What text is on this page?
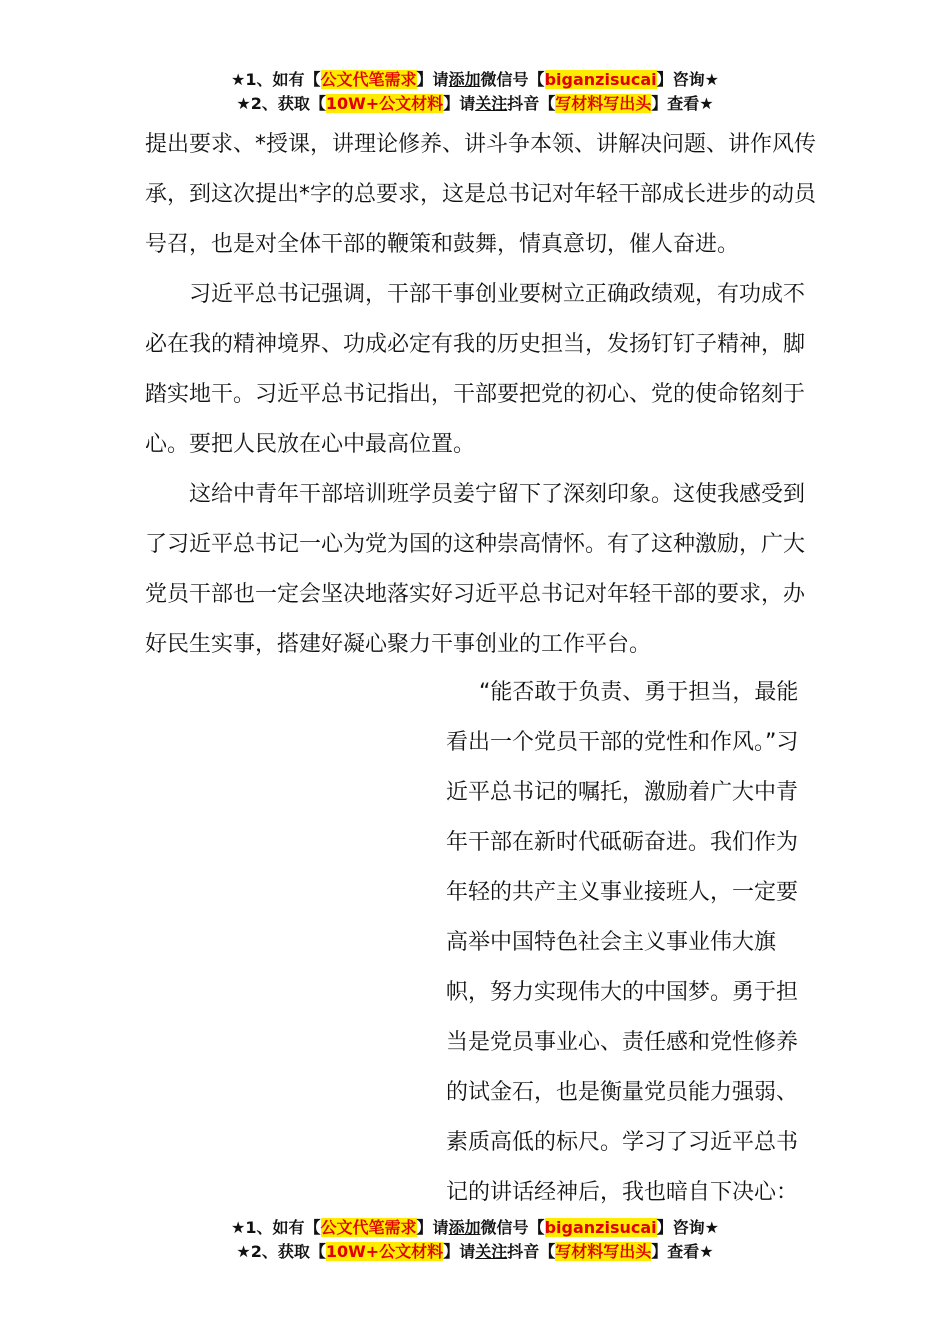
★1、如有【公文代笔需求】请添加微信号【biganzisucai】咨询★
★2、获取【10W+公文材料】请关注抖音【写材料写出头】查看★

提出要求、*授课，讲理论修养、讲斗争本领、讲解决问题、讲作风传承，到这次提出*字的总要求，这是总书记对年轻干部成长进步的动员号召，也是对全体干部的鞭策和鼓舞，情真意切，催人奋进。

习近平总书记强调，干部干事创业要树立正确政绩观，有功成不必在我的精神境界、功成必定有我的历史担当，发扬钉钉子精神，脚踏实地干。习近平总书记指出，干部要把党的初心、党的使命铭刻于心。要把人民放在心中最高位置。

这给中青年干部培训班学员姜宁留下了深刻印象。这使我感受到了习近平总书记一心为党为国的这种崇高情怀。有了这种激励，广大党员干部也一定会坚决地落实好习近平总书记对年轻干部的要求，办好民生实事，搭建好凝心聚力干事创业的工作平台。

“能否敢于负责、勇于担当，最能看出一个党员干部的党性和作风。”习近平总书记的嘱托，激励着广大中青年干部在新时代砥砺奋进。我们作为年轻的共产主义事业接班人，一定要高举中国特色社会主义事业伟大旗帜，努力实现伟大的中国梦。勇于担当是党员事业心、责任感和党性修养的试金石，也是衡量党员能力强弱、素质高低的标尺。学习了习近平总书记的讲话经神后，我也暗自下决心：
★1、如有【公文代笔需求】请添加微信号【biganzisucai】咨询★
★2、获取【10W+公文材料】请关注抖音【写材料写出头】查看★
